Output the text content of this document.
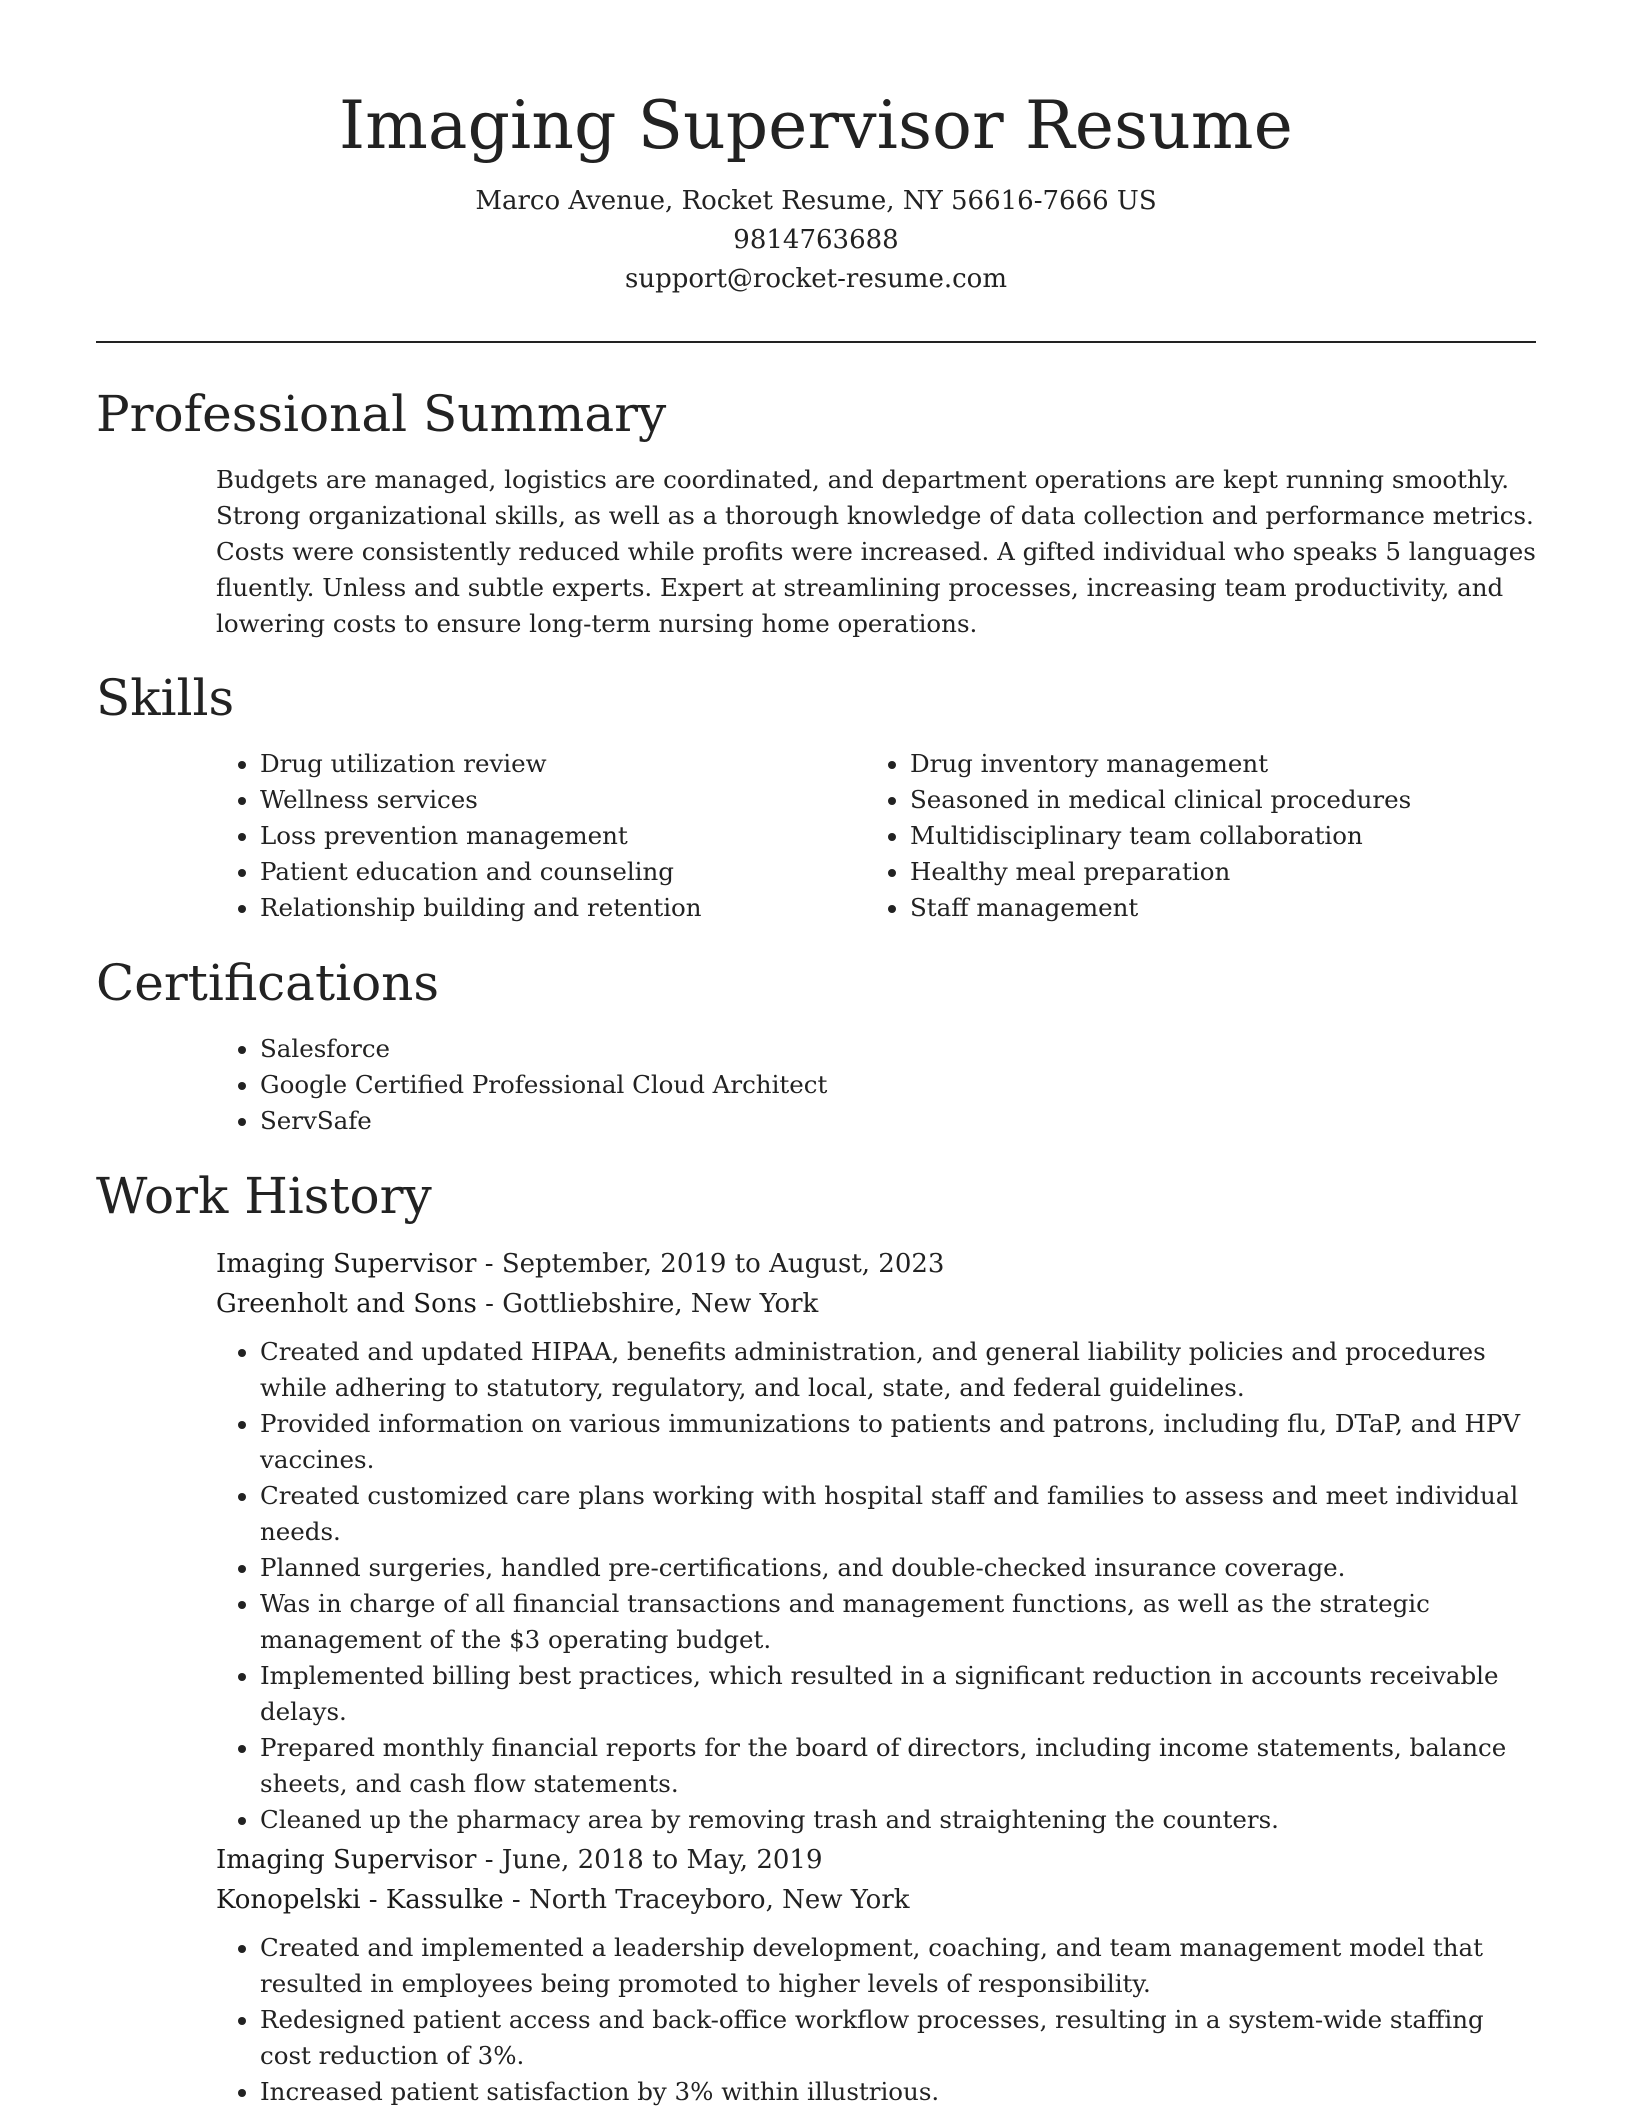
Imaging Supervisor Resume
Marco Avenue, Rocket Resume, NY 56616-7666 US
9814763688
support@rocket-resume.com
Professional Summary

Budgets are managed, logistics are coordinated, and department operations are kept running smoothly. Strong organizational skills, as well as a thorough knowledge of data collection and performance metrics. Costs were consistently reduced while profits were increased. A gifted individual who speaks 5 languages fluently. Unless and subtle experts. Expert at streamlining processes, increasing team productivity, and lowering costs to ensure long-term nursing home operations.

Skills
• Drug utilization review
• Wellness services
• Loss prevention management
• Patient education and counseling
• Relationship building and retention
• Drug inventory management
• Seasoned in medical clinical procedures
• Multidisciplinary team collaboration
• Healthy meal preparation
• Staff management
Certifications
• Salesforce
• Google Certified Professional Cloud Architect
• ServSafe
Work History
Imaging Supervisor - September, 2019 to August, 2023
Greenholt and Sons - Gottliebshire, New York
• Created and updated HIPAA, benefits administration, and general liability policies and procedures while adhering to statutory, regulatory, and local, state, and federal guidelines.
• Provided information on various immunizations to patients and patrons, including flu, DTaP, and HPV vaccines.
• Created customized care plans working with hospital staff and families to assess and meet individual needs.
• Planned surgeries, handled pre-certifications, and double-checked insurance coverage.
• Was in charge of all financial transactions and management functions, as well as the strategic management of the $3 operating budget.
• Implemented billing best practices, which resulted in a significant reduction in accounts receivable delays.
• Prepared monthly financial reports for the board of directors, including income statements, balance sheets, and cash flow statements.
• Cleaned up the pharmacy area by removing trash and straightening the counters.
Imaging Supervisor - June, 2018 to May, 2019
Konopelski - Kassulke - North Traceyboro, New York
• Created and implemented a leadership development, coaching, and team management model that resulted in employees being promoted to higher levels of responsibility.
• Redesigned patient access and back-office workflow processes, resulting in a system-wide staffing cost reduction of 3%.
• Increased patient satisfaction by 3% within illustrious.
